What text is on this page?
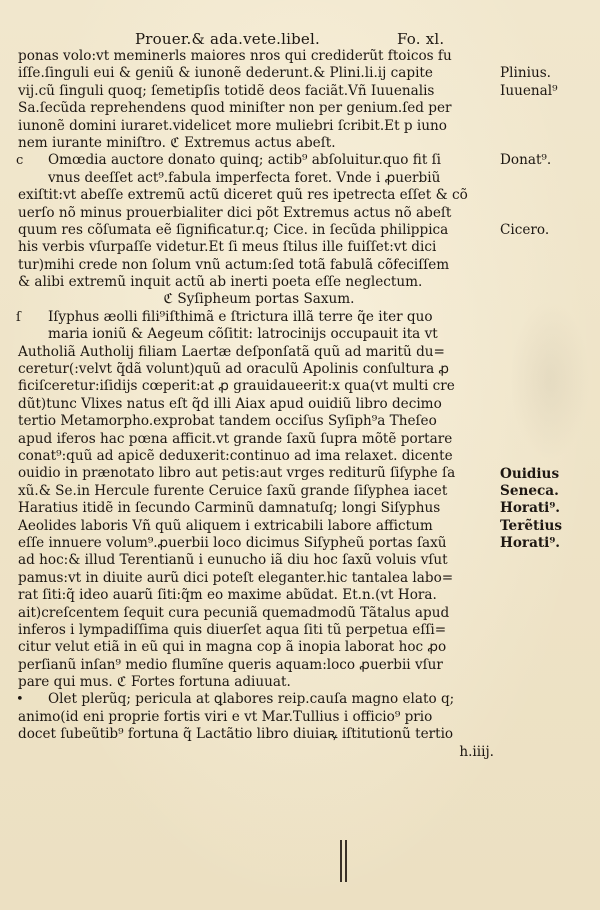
Prouer.& ada.vete.libel.	Fo. xl.
ponas volo:vt meminerls maiores nros qui crediderũt ftoicos fu
iſſe.ſinguli eui & geniũ & iunonẽ dederunt.& Plini.li.ij capite
vij.cũ ſinguli quoq; ſemetipſis totidẽ deos faciãt.Vñ Iuuenalis
Sa.ſecũda reprehendens quod miniſter non per genium.ſed per
iunonẽ domini iuraret.videlicet more muliebri ſcribit.Et p iuno
nem iurante miniſtro. ℭ Extremus actus abeſt.
c Omœdia auctore donato quinq; actib⁹ abſoluitur.quo fit ſi
vnus deeſſet act⁹.fabula imperfecta foret. Vnde i ꝓuerbiũ
exiſtit:vt abeſſe extremũ actũ diceret quũ res ipetrecta eſſet & cõ
uerſo nõ minus prouerbialiter dici põt Extremus actus nõ abeſt
quum res cõſumata eẽ ſignificatur.q; Cice. in ſecũda philippica
his verbis vſurpaſſe videtur.Et ſi meus ſtilus ille fuiſſet:vt dici
tur)mihi crede non ſolum vnũ actum:ſed totã fabulã cõfeciſſem
& alibi extremũ inquit actũ ab inerti poeta eſſe neglectum.
ℭ Syſipheum portas Saxum.
ſ Iſyphus æolli fili⁹iſthimã e ſtrictura illã terre q̃e iter quo
maria ioniũ & Aegeum cõſitit: latrocinijs occupauit ita vt
Autholiã Autholij filiam Laertæ deſponſatã quũ ad maritũ du=
ceretur(:velvt q̃dã volunt)quũ ad oraculũ Apolinis conſultura ꝓ
ficiſceretur:iſidijs cœperit:at ꝓ grauidaueerit:x qua(vt multi cre
dũt)tunc Vlixes natus eſt q̃d illi Aiax apud ouidiũ libro decimo
tertio Metamorpho.exprobat tandem occiſus Syſiph⁹a Theſeo
apud iferos hac pœna afficit.vt grande ſaxũ ſupra mõtẽ portare
conat⁹:quũ ad apicẽ deduxerit:continuo ad ima relaxet. dicente
ouidio in prænotato libro aut petis:aut vrges rediturũ ſiſyphe ſa
xũ.& Se.in Hercule furente Ceruice ſaxũ grande ſiſyphea iacet
Haratius itidẽ in ſecundo Carminũ damnatuſq; longi Siſyphus
Aeolides laboris Vñ quũ aliquem i extricabili labore affictum
eſſe innuere volum⁹.ꝓuerbii loco dicimus Siſypheũ portas ſaxũ
ad hoc:& illud Terentianũ i eunucho iã diu hoc ſaxũ voluis vſut
pamus:vt in diuite aurũ dici poteſt eleganter.hic tantalea labo=
rat ſiti:q̃ ideo auarũ ſiti:q̃m eo maxime abũdat. Et.n.(vt Hora.
ait)creſcentem ſequit cura pecuniã quemadmodũ Tãtalus apud
inferos i lympadiſſima quis diuerſet aqua ſiti tũ perpetua eſſi=
citur velut etiã in eũ qui in magna cop ã inopia laborat hoc ꝓo
perſianũ inſan⁹ medio flumĩne queris aquam:loco ꝓuerbii vſur
pare qui mus. ℭ Fortes fortuna adiuuat.
• Olet plerũq; pericula at ꝗlabores reip.cauſa magno elato q;
animo(id eni proprie fortis viri e vt Mar.Tullius i officio⁹ prio
docet ſubeũtib⁹ fortuna q̃ Lactãtio libro diuiaꝶ iſtitutionũ tertio
h.iiij.
Plinius.
Iuuenal⁹
Donat⁹.
Cicero.
Ouidius
Seneca.
Horati⁹.
Terẽtius
Horati⁹.
